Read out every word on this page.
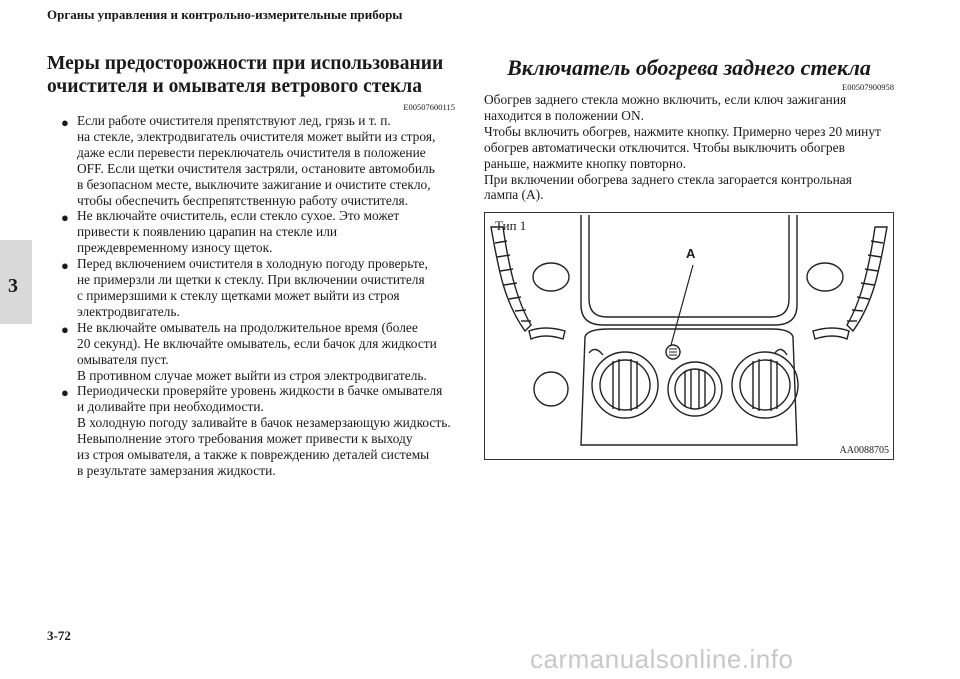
Органы управления и контрольно-измерительные приборы
3
Меры предосторожности при использовании
очистителя и омывателя ветрового стекла
E00507600115
● Если работе очистителя препятствуют лед, грязь и т. п.
на стекле, электродвигатель очистителя может выйти из строя,
даже если перевести переключатель очистителя в положение
OFF. Если щетки очистителя застряли, остановите автомобиль
в безопасном месте, выключите зажигание и очистите стекло,
чтобы обеспечить беспрепятственную работу очистителя.
● Не включайте очиститель, если стекло сухое. Это может
привести к появлению царапин на стекле или
преждевременному износу щеток.
● Перед включением очистителя в холодную погоду проверьте,
не примерзли ли щетки к стеклу. При включении очистителя
с примерзшими к стеклу щетками может выйти из строя
электродвигатель.
● Не включайте омыватель на продолжительное время (более
20 секунд). Не включайте омыватель, если бачок для жидкости
омывателя пуст.
В противном случае может выйти из строя электродвигатель.
● Периодически проверяйте уровень жидкости в бачке омывателя
и доливайте при необходимости.
В холодную погоду заливайте в бачок незамерзающую жидкость.
Невыполнение этого требования может привести к выходу
из строя омывателя, а также к повреждению деталей системы
в результате замерзания жидкости.
Включатель обогрева заднего стекла
E00507900958

Обогрев заднего стекла можно включить, если ключ зажигания
находится в положении ON.
Чтобы включить обогрев, нажмите кнопку. Примерно через 20 минут
обогрев автоматически отключится. Чтобы выключить обогрев
раньше, нажмите кнопку повторно.
При включении обогрева заднего стекла загорается контрольная
лампа (A).

Тип 1
A
AA0088705
3-72
carmanualsonline.info
